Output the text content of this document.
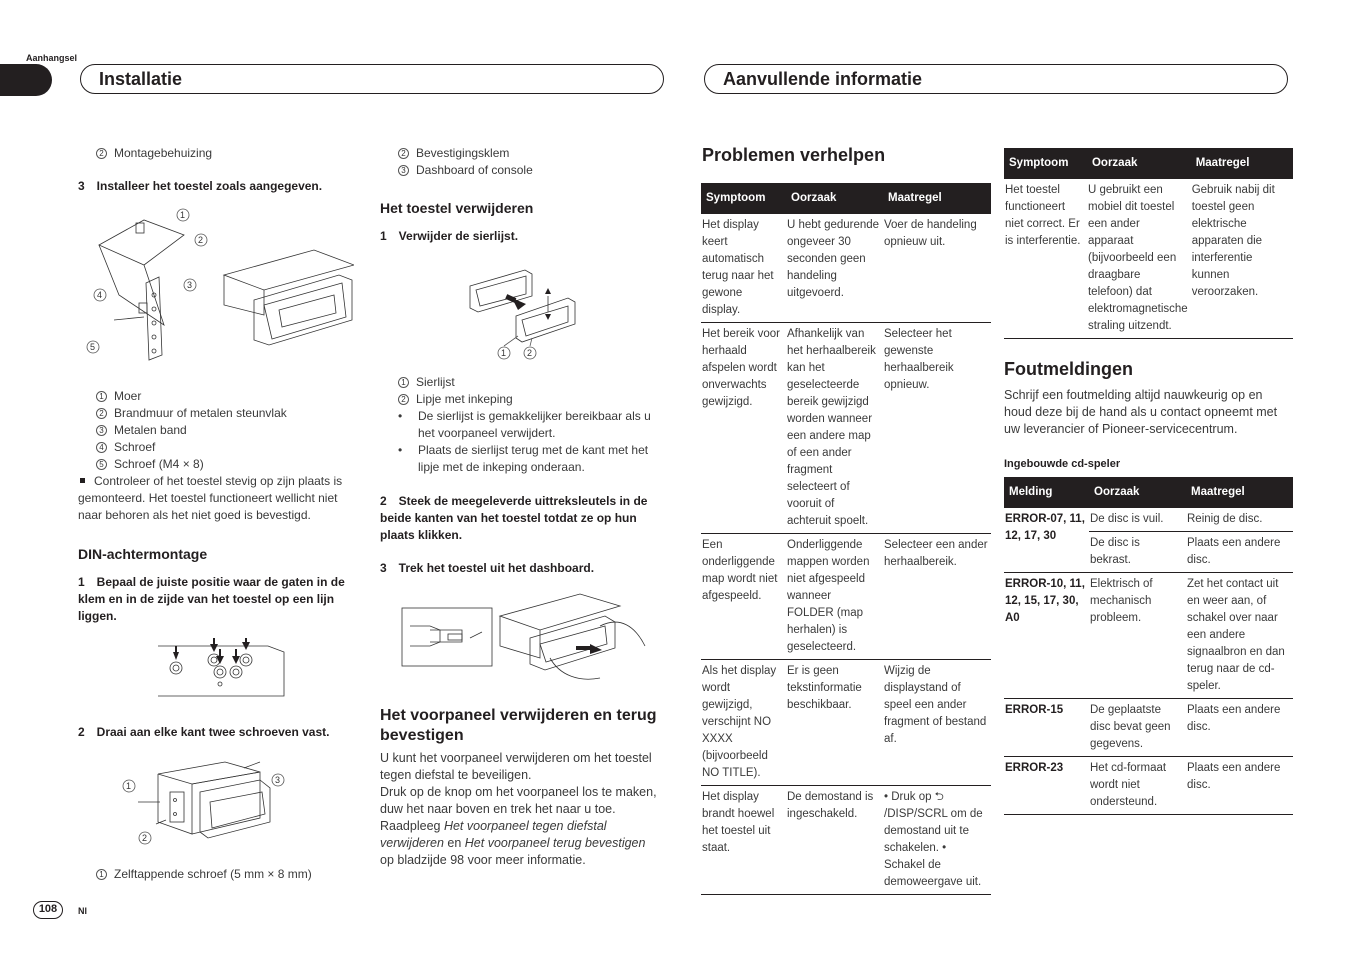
Aanhangsel
Installatie	Aanvullende informatie
2 Montagebehuizing
3 Installeer het toestel zoals aangegeven.
1
2
3
4
5
1 Moer
2 Brandmuur of metalen steunvlak
3 Metalen band
4 Schroef
5 Schroef (M4 × 8)
Controleer of het toestel stevig op zijn plaats is gemonteerd. Het toestel functioneert wellicht niet naar behoren als het niet goed is bevestigd.
DIN-achtermontage
1 Bepaal de juiste positie waar de gaten in de klem en in de zijde van het toestel op een lijn liggen.
2 Draai aan elke kant twee schroeven vast.
1
2
3
1 Zelftappende schroef (5 mm × 8 mm)
2 Bevestigingsklem
3 Dashboard of console
Het toestel verwijderen
1 Verwijder de sierlijst.
1 2
1 Sierlijst
2 Lipje met inkeping
• De sierlijst is gemakkelijker bereikbaar als u het voorpaneel verwijdert.
• Plaats de sierlijst terug met de kant met het lipje met de inkeping onderaan.
2 Steek de meegeleverde uittreksleutels in de beide kanten van het toestel totdat ze op hun plaats klikken.
3 Trek het toestel uit het dashboard.
Het voorpaneel verwijderen en terug bevestigen
U kunt het voorpaneel verwijderen om het toestel tegen diefstal te beveiligen.
Druk op de knop om het voorpaneel los te maken, duw het naar boven en trek het naar u toe.
Raadpleeg Het voorpaneel tegen diefstal verwijderen en Het voorpaneel terug bevestigen op bladzijde 98 voor meer informatie.
Problemen verhelpen
Symptoom	Oorzaak	Maatregel
Het display keert automatisch terug naar het gewone display.	U hebt gedurende ongeveer 30 seconden geen handeling uitgevoerd.	Voer de handeling opnieuw uit.
Het bereik voor herhaald afspelen wordt onverwachts gewijzigd.	Afhankelijk van het herhaalbereik kan het geselecteerde bereik gewijzigd worden wanneer een andere map of een ander fragment selecteert of vooruit of achteruit spoelt.	Selecteer het gewenste herhaalbereik opnieuw.
Een onderliggende map wordt niet afgespeeld.	Onderliggende mappen worden niet afgespeeld wanneer FOLDER (map herhalen) is geselecteerd.	Selecteer een ander herhaalbereik.
Als het display wordt gewijzigd, verschijnt NO XXXX (bijvoorbeeld NO TITLE).	Er is geen tekstinformatie beschikbaar.	Wijzig de displaystand of speel een ander fragment of bestand af.
Het display brandt hoewel het toestel uit staat.	De demostand is ingeschakeld.	• Druk op ⮌ /DISP/SCRL om de demostand uit te schakelen. • Schakel de demoweergave uit.
Symptoom	Oorzaak	Maatregel
Het toestel functioneert niet correct. Er is interferentie.	U gebruikt een mobiel dit toestel een ander apparaat (bijvoorbeeld een draagbare telefoon) dat elektromagnetische straling uitzendt.	Gebruik nabij dit toestel geen elektrische apparaten die interferentie kunnen veroorzaken.
Foutmeldingen
Schrijf een foutmelding altijd nauwkeurig op en houd deze bij de hand als u contact opneemt met uw leverancier of Pioneer-servicecentrum.
Ingebouwde cd-speler
Melding	Oorzaak	Maatregel
ERROR-07, 11, 12, 17, 30	De disc is vuil.	Reinig de disc.
	De disc is bekrast.	Plaats een andere disc.
ERROR-10, 11, 12, 15, 17, 30, A0	Elektrisch of mechanisch probleem.	Zet het contact uit en weer aan, of schakel over naar een andere signaalbron en dan terug naar de cd-speler.
ERROR-15	De geplaatste disc bevat geen gegevens.	Plaats een andere disc.
ERROR-23	Het cd-formaat wordt niet ondersteund.	Plaats een andere disc.
108	Nl
